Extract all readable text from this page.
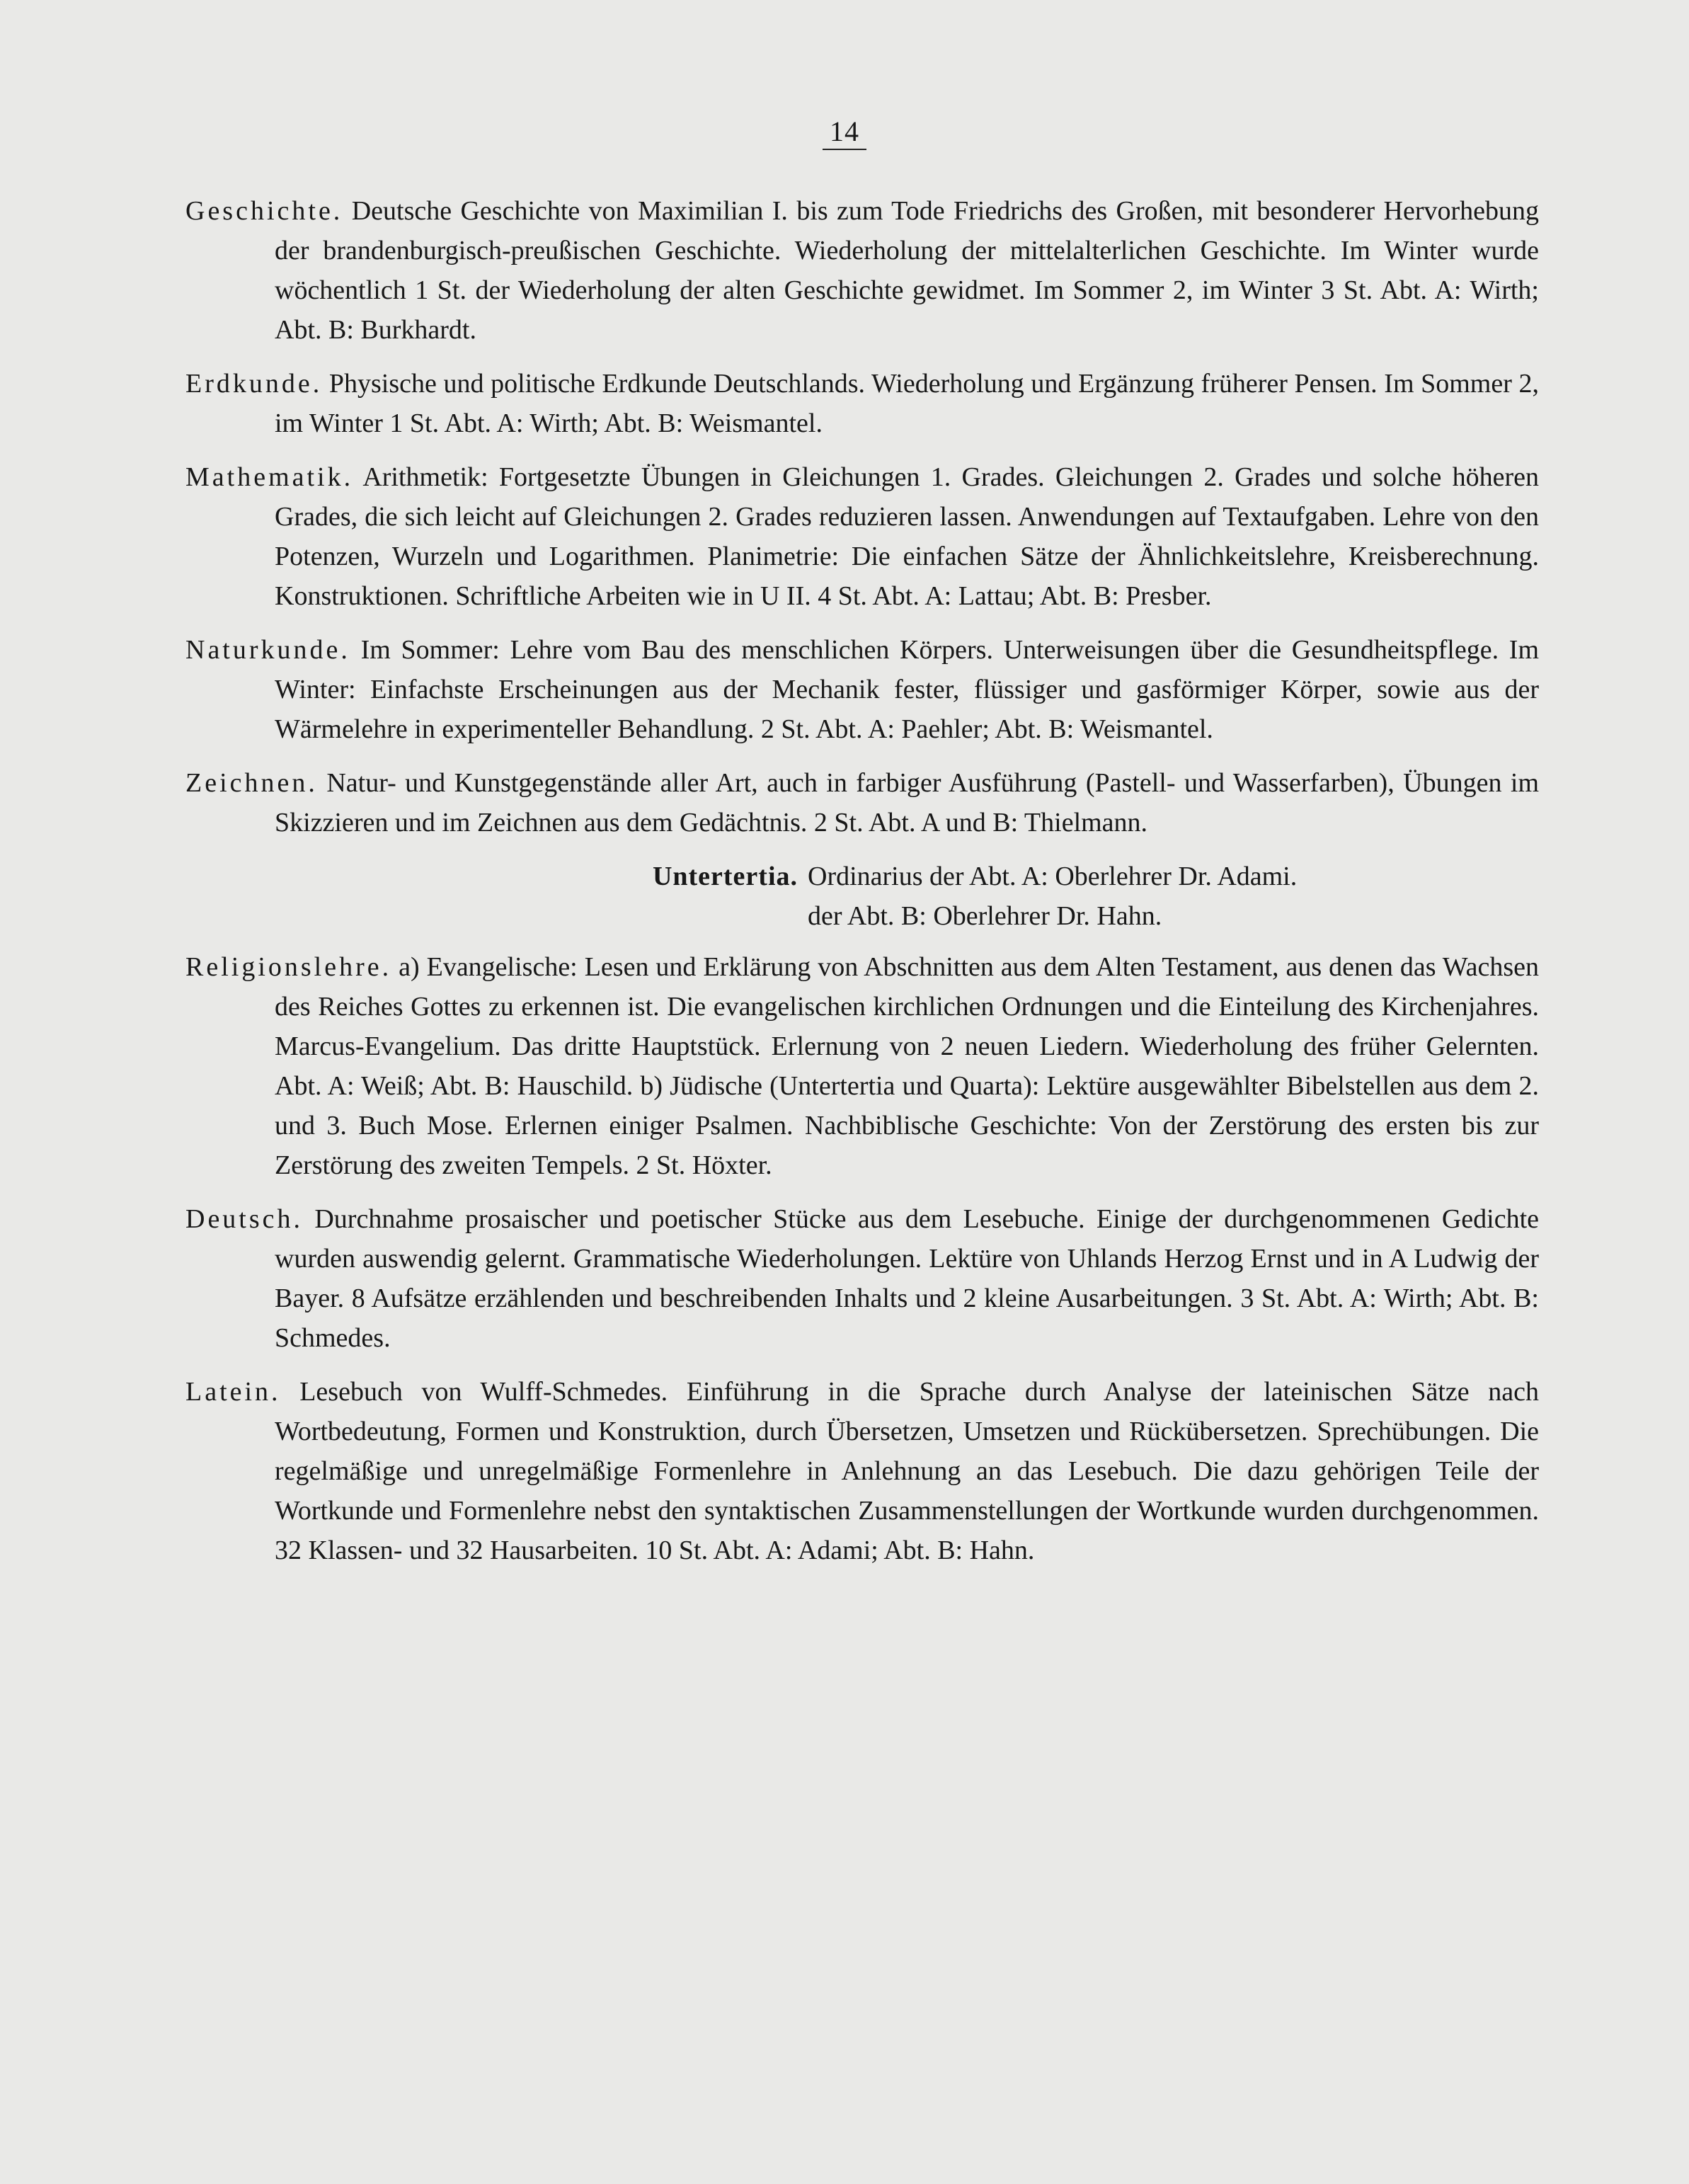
14

Geschichte. Deutsche Geschichte von Maximilian I. bis zum Tode Friedrichs des Großen, mit besonderer Hervorhebung der brandenburgisch-preußischen Geschichte. Wiederholung der mittelalterlichen Geschichte. Im Winter wurde wöchentlich 1 St. der Wiederholung der alten Geschichte gewidmet. Im Sommer 2, im Winter 3 St. Abt. A: Wirth; Abt. B: Burkhardt.

Erdkunde. Physische und politische Erdkunde Deutschlands. Wiederholung und Ergänzung früherer Pensen. Im Sommer 2, im Winter 1 St. Abt. A: Wirth; Abt. B: Weismantel.

Mathematik. Arithmetik: Fortgesetzte Übungen in Gleichungen 1. Grades. Gleichungen 2. Grades und solche höheren Grades, die sich leicht auf Gleichungen 2. Grades reduzieren lassen. Anwendungen auf Textaufgaben. Lehre von den Potenzen, Wurzeln und Logarithmen. Planimetrie: Die einfachen Sätze der Ähnlichkeitslehre, Kreisberechnung. Konstruktionen. Schriftliche Arbeiten wie in U II. 4 St. Abt. A: Lattau; Abt. B: Presber.

Naturkunde. Im Sommer: Lehre vom Bau des menschlichen Körpers. Unterweisungen über die Gesundheitspflege. Im Winter: Einfachste Erscheinungen aus der Mechanik fester, flüssiger und gasförmiger Körper, sowie aus der Wärmelehre in experimenteller Behandlung. 2 St. Abt. A: Paehler; Abt. B: Weismantel.

Zeichnen. Natur- und Kunstgegenstände aller Art, auch in farbiger Ausführung (Pastell- und Wasserfarben), Übungen im Skizzieren und im Zeichnen aus dem Gedächtnis. 2 St. Abt. A und B: Thielmann.

Untertertia. Ordinarius der Abt. A: Oberlehrer Dr. Adami.
der Abt. B: Oberlehrer Dr. Hahn.

Religionslehre. a) Evangelische: Lesen und Erklärung von Abschnitten aus dem Alten Testament, aus denen das Wachsen des Reiches Gottes zu erkennen ist. Die evangelischen kirchlichen Ordnungen und die Einteilung des Kirchenjahres. Marcus-Evangelium. Das dritte Hauptstück. Erlernung von 2 neuen Liedern. Wiederholung des früher Gelernten. Abt. A: Weiß; Abt. B: Hauschild. b) Jüdische (Untertertia und Quarta): Lektüre ausgewählter Bibelstellen aus dem 2. und 3. Buch Mose. Erlernen einiger Psalmen. Nachbiblische Geschichte: Von der Zerstörung des ersten bis zur Zerstörung des zweiten Tempels. 2 St. Höxter.

Deutsch. Durchnahme prosaischer und poetischer Stücke aus dem Lesebuche. Einige der durchgenommenen Gedichte wurden auswendig gelernt. Grammatische Wiederholungen. Lektüre von Uhlands Herzog Ernst und in A Ludwig der Bayer. 8 Aufsätze erzählenden und beschreibenden Inhalts und 2 kleine Ausarbeitungen. 3 St. Abt. A: Wirth; Abt. B: Schmedes.

Latein. Lesebuch von Wulff-Schmedes. Einführung in die Sprache durch Analyse der lateinischen Sätze nach Wortbedeutung, Formen und Konstruktion, durch Übersetzen, Umsetzen und Rückübersetzen. Sprechübungen. Die regelmäßige und unregelmäßige Formenlehre in Anlehnung an das Lesebuch. Die dazu gehörigen Teile der Wortkunde und Formenlehre nebst den syntaktischen Zusammenstellungen der Wortkunde wurden durchgenommen. 32 Klassen- und 32 Hausarbeiten. 10 St. Abt. A: Adami; Abt. B: Hahn.
